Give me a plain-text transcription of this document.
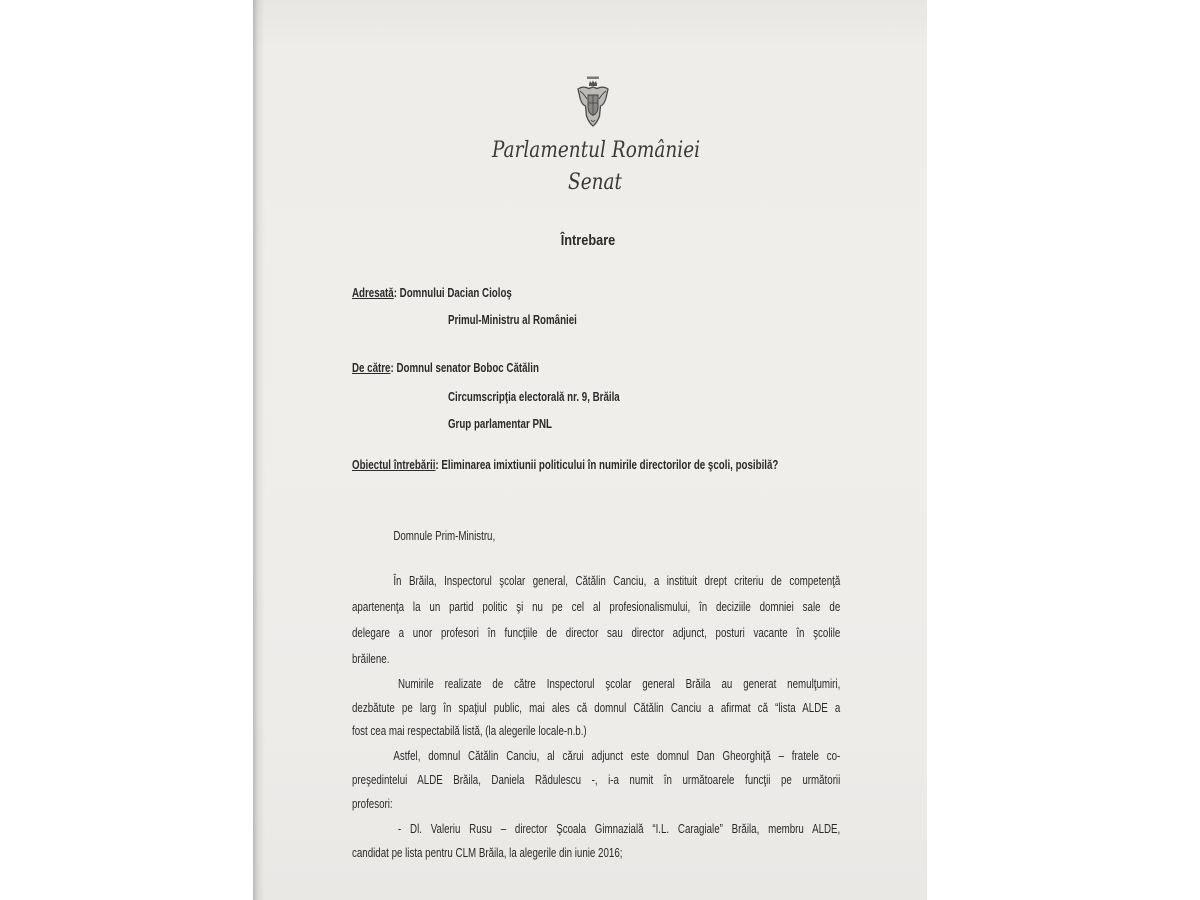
Parlamentul României
Senat
Întrebare
Adresată: Domnului Dacian Cioloş
Primul-Ministru al României
De către: Domnul senator Boboc Cătălin
Circumscripţia electorală nr. 9, Brăila
Grup parlamentar PNL
Obiectul întrebării: Eliminarea imixtiunii politicului în numirile directorilor de şcoli, posibilă?
Domnule Prim-Ministru,
În Brăila, Inspectorul şcolar general, Cătălin Canciu, a instituit drept criteriu de competenţă
apartenenţa la un partid politic şi nu pe cel al profesionalismului, în deciziile domniei sale de
delegare a unor profesori în funcţiile de director sau director adjunct, posturi vacante în şcolile
brăilene.
Numirile realizate de către Inspectorul şcolar general Brăila au generat nemulţumiri,
dezbătute pe larg în spaţiul public, mai ales că domnul Cătălin Canciu a afirmat că “lista ALDE a
fost cea mai respectabilă listă, (la alegerile locale-n.b.)
Astfel, domnul Cătălin Canciu, al cărui adjunct este domnul Dan Gheorghiţă – fratele co-
preşedintelui ALDE Brăila, Daniela Rădulescu -, i-a numit în următoarele funcţii pe următorii
profesori:
- Dl. Valeriu Rusu – director Şcoala Gimnazială “I.L. Caragiale” Brăila, membru ALDE,
candidat pe lista pentru CLM Brăila, la alegerile din iunie 2016;
